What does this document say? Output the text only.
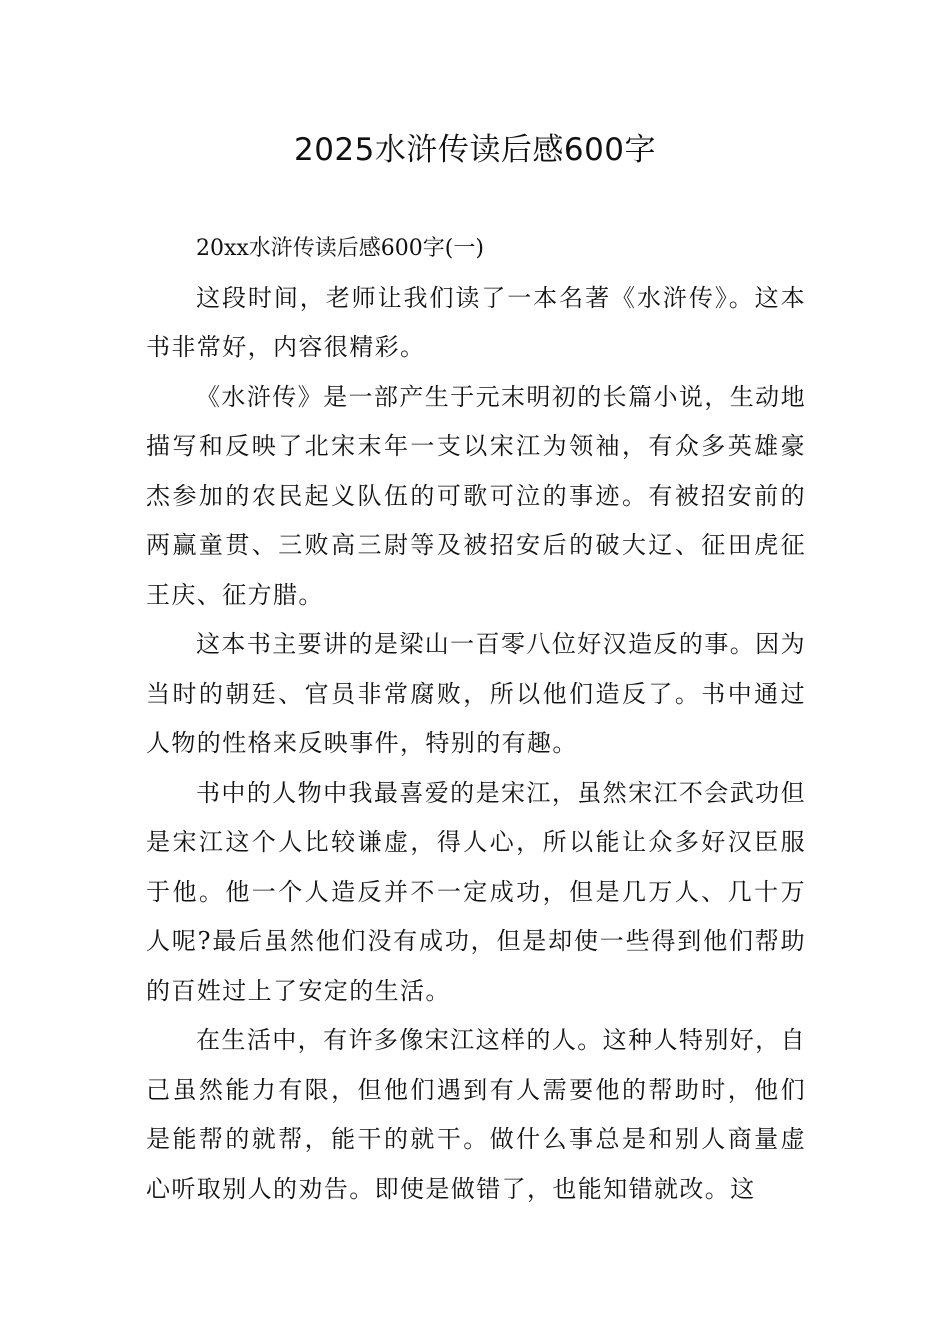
2025水浒传读后感600字

20xx水浒传读后感600字(一)

这段时间，老师让我们读了一本名著《水浒传》。这本书非常好，内容很精彩。

《水浒传》是一部产生于元末明初的长篇小说，生动地描写和反映了北宋末年一支以宋江为领袖，有众多英雄豪杰参加的农民起义队伍的可歌可泣的事迹。有被招安前的两赢童贯、三败高三尉等及被招安后的破大辽、征田虎征王庆、征方腊。

这本书主要讲的是梁山一百零八位好汉造反的事。因为当时的朝廷、官员非常腐败，所以他们造反了。书中通过人物的性格来反映事件，特别的有趣。

书中的人物中我最喜爱的是宋江，虽然宋江不会武功但是宋江这个人比较谦虚，得人心，所以能让众多好汉臣服于他。他一个人造反并不一定成功，但是几万人、几十万人呢?最后虽然他们没有成功，但是却使一些得到他们帮助的百姓过上了安定的生活。

在生活中，有许多像宋江这样的人。这种人特别好，自己虽然能力有限，但他们遇到有人需要他的帮助时，他们是能帮的就帮，能干的就干。做什么事总是和别人商量虚心听取别人的劝告。即使是做错了，也能知错就改。这
